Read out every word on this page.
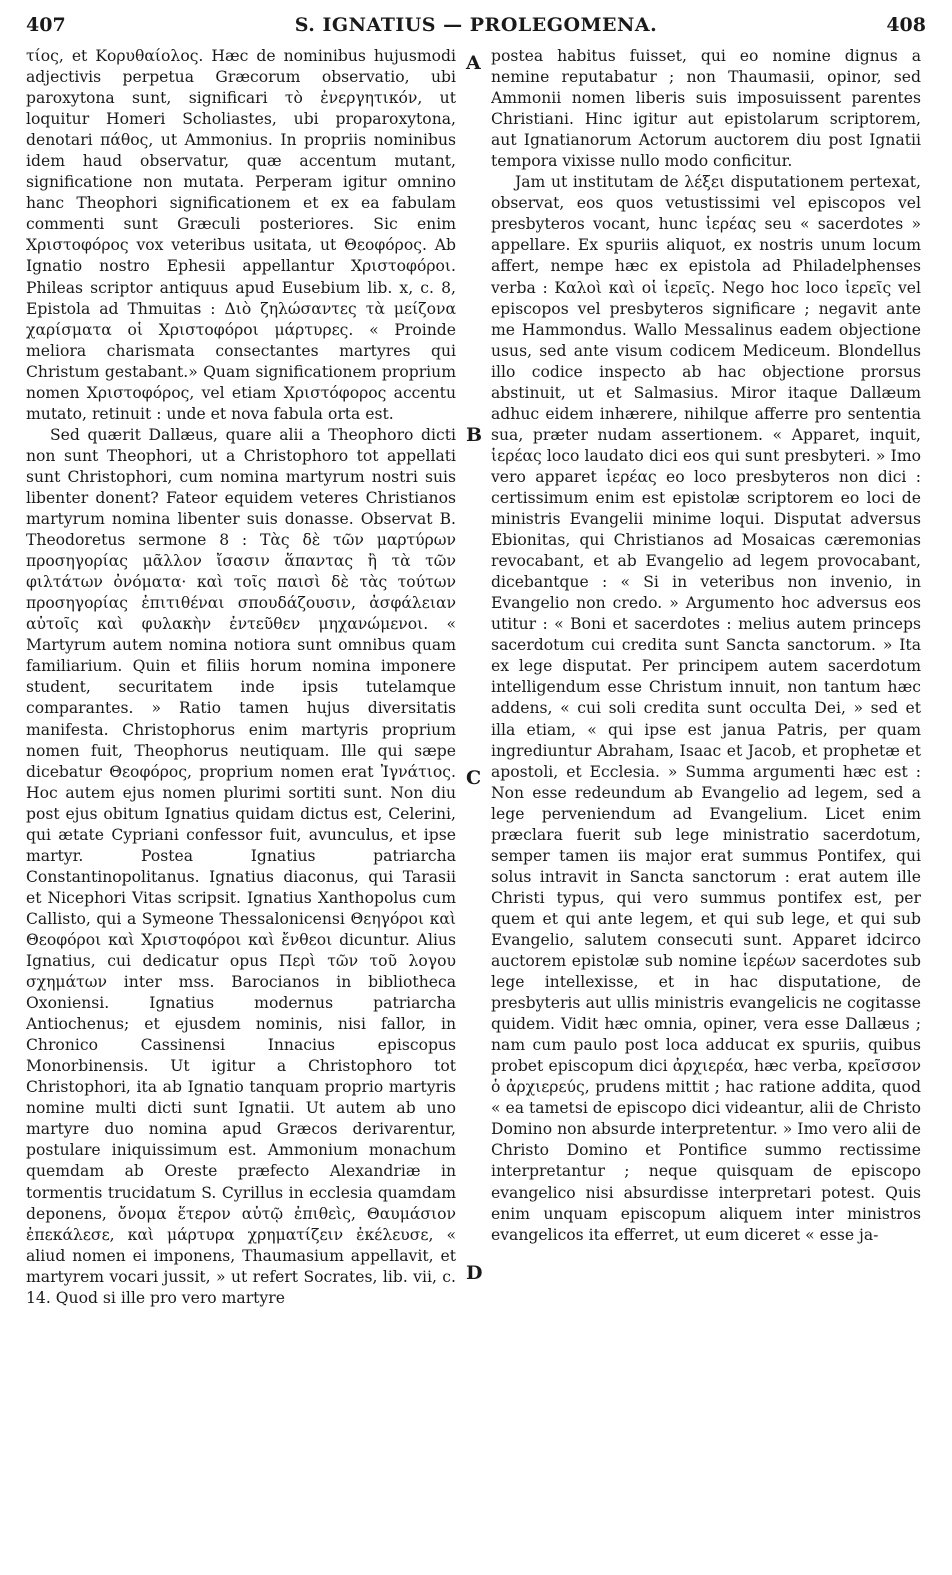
407	S. IGNATIUS — PROLEGOMENA.	408

τίος, et Κορυθαίολος. Hæc de nominibus hujusmodi adjectivis perpetua Græcorum observatio, ubi paroxytona sunt, significari τὸ ἐνεργητικόν, ut loquitur Homeri Scholiastes, ubi proparoxytona, denotari πάθος, ut Ammonius. In propriis nominibus idem haud observatur, quæ accentum mutant, significatione non mutata. Perperam igitur omnino hanc Theophori significationem et ex ea fabulam commenti sunt Græculi posteriores. Sic enim Χριστοφόρος vox veteribus usitata, ut Θεοφόρος. Ab Ignatio nostro Ephesii appellantur Χριστοφόροι. Phileas scriptor antiquus apud Eusebium lib. x, c. 8, Epistola ad Thmuitas : Διὸ ζηλώσαντες τὰ μείζονα χαρίσματα οἱ Χριστοφόροι μάρτυρες. « Proinde meliora charismata consectantes martyres qui Christum gestabant.» Quam significationem proprium nomen Χριστοφόρος, vel etiam Χριστόφορος accentu mutato, retinuit : unde et nova fabula orta est.

Sed quærit Dallæus, quare alii a Theophoro dicti non sunt Theophori, ut a Christophoro tot appellati sunt Christophori, cum nomina martyrum nostri suis libenter donent? Fateor equidem veteres Christianos martyrum nomina libenter suis donasse. Observat B. Theodoretus sermone 8 : Τὰς δὲ τῶν μαρτύρων προσηγορίας μᾶλλον ἴσασιν ἅπαντας ἢ τὰ τῶν φιλτάτων ὀνόματα· καὶ τοῖς παισὶ δὲ τὰς τούτων προσηγορίας ἐπιτιθέναι σπουδάζουσιν, ἀσφάλειαν αὐτοῖς καὶ φυλακὴν ἐντεῦθεν μηχανώμενοι. « Martyrum autem nomina notiora sunt omnibus quam familiarium. Quin et filiis horum nomina imponere student, securitatem inde ipsis tutelamque comparantes. » Ratio tamen hujus diversitatis manifesta. Christophorus enim martyris proprium nomen fuit, Theophorus neutiquam. Ille qui sæpe dicebatur Θεοφόρος, proprium nomen erat Ἰγνάτιος. Hoc autem ejus nomen plurimi sortiti sunt. Non diu post ejus obitum Ignatius quidam dictus est, Celerini, qui ætate Cypriani confessor fuit, avunculus, et ipse martyr. Postea Ignatius patriarcha Constantinopolitanus. Ignatius diaconus, qui Tarasii et Nicephori Vitas scripsit. Ignatius Xanthopolus cum Callisto, qui a Symeone Thessalonicensi Θεηγόροι καὶ Θεοφόροι καὶ Χριστοφόροι καὶ ἔνθεοι dicuntur. Alius Ignatius, cui dedicatur opus Περὶ τῶν τοῦ λογου σχημάτων inter mss. Barocianos in bibliotheca Oxoniensi. Ignatius modernus patriarcha Antiochenus; et ejusdem nominis, nisi fallor, in Chronico Cassinensi Innacius episcopus Monorbinensis. Ut igitur a Christophoro tot Christophori, ita ab Ignatio tanquam proprio martyris nomine multi dicti sunt Ignatii. Ut autem ab uno martyre duo nomina apud Græcos derivarentur, postulare iniquissimum est. Ammonium monachum quemdam ab Oreste præfecto Alexandriæ in tormentis trucidatum S. Cyrillus in ecclesia quamdam deponens, ὄνομα ἕτερον αὐτῷ ἐπιθεὶς, Θαυμάσιον ἐπεκάλεσε, καὶ μάρτυρα χρηματίζειν ἐκέλευσε, « aliud nomen ei imponens, Thaumasium appellavit, et martyrem vocari jussit, » ut refert Socrates, lib. vii, c. 14. Quod si ille pro vero martyre

A
B
C
D

postea habitus fuisset, qui eo nomine dignus a nemine reputabatur ; non Thaumasii, opinor, sed Ammonii nomen liberis suis imposuissent parentes Christiani. Hinc igitur aut epistolarum scriptorem, aut Ignatianorum Actorum auctorem diu post Ignatii tempora vixisse nullo modo conficitur.

Jam ut institutam de λέξει disputationem pertexat, observat, eos quos vetustissimi vel episcopos vel presbyteros vocant, hunc ἱερέας seu « sacerdotes » appellare. Ex spuriis aliquot, ex nostris unum locum affert, nempe hæc ex epistola ad Philadelphenses verba : Καλοὶ καὶ οἱ ἱερεῖς. Nego hoc loco ἱερεῖς vel episcopos vel presbyteros significare ; negavit ante me Hammondus. Wallo Messalinus eadem objectione usus, sed ante visum codicem Mediceum. Blondellus illo codice inspecto ab hac objectione prorsus abstinuit, ut et Salmasius. Miror itaque Dallæum adhuc eidem inhærere, nihilque afferre pro sententia sua, præter nudam assertionem. « Apparet, inquit, ἱερέας loco laudato dici eos qui sunt presbyteri. » Imo vero apparet ἱερέας eo loco presbyteros non dici : certissimum enim est epistolæ scriptorem eo loci de ministris Evangelii minime loqui. Disputat adversus Ebionitas, qui Christianos ad Mosaicas cæremonias revocabant, et ab Evangelio ad legem provocabant, dicebantque : « Si in veteribus non invenio, in Evangelio non credo. » Argumento hoc adversus eos utitur : « Boni et sacerdotes : melius autem princeps sacerdotum cui credita sunt Sancta sanctorum. » Ita ex lege disputat. Per principem autem sacerdotum intelligendum esse Christum innuit, non tantum hæc addens, « cui soli credita sunt occulta Dei, » sed et illa etiam, « qui ipse est janua Patris, per quam ingrediuntur Abraham, Isaac et Jacob, et prophetæ et apostoli, et Ecclesia. » Summa argumenti hæc est : Non esse redeundum ab Evangelio ad legem, sed a lege perveniendum ad Evangelium. Licet enim præclara fuerit sub lege ministratio sacerdotum, semper tamen iis major erat summus Pontifex, qui solus intravit in Sancta sanctorum : erat autem ille Christi typus, qui vero summus pontifex est, per quem et qui ante legem, et qui sub lege, et qui sub Evangelio, salutem consecuti sunt. Apparet idcirco auctorem epistolæ sub nomine ἱερέων sacerdotes sub lege intellexisse, et in hac disputatione, de presbyteris aut ullis ministris evangelicis ne cogitasse quidem. Vidit hæc omnia, opiner, vera esse Dallæus ; nam cum paulo post loca adducat ex spuriis, quibus probet episcopum dici ἀρχιερέα, hæc verba, κρεῖσσον ὁ ἀρχιερεύς, prudens mittit ; hac ratione addita, quod « ea tametsi de episcopo dici videantur, alii de Christo Domino non absurde interpretentur. » Imo vero alii de Christo Domino et Pontifice summo rectissime interpretantur ; neque quisquam de episcopo evangelico nisi absurdisse interpretari potest. Quis enim unquam episcopum aliquem inter ministros evangelicos ita efferret, ut eum diceret « esse ja-
